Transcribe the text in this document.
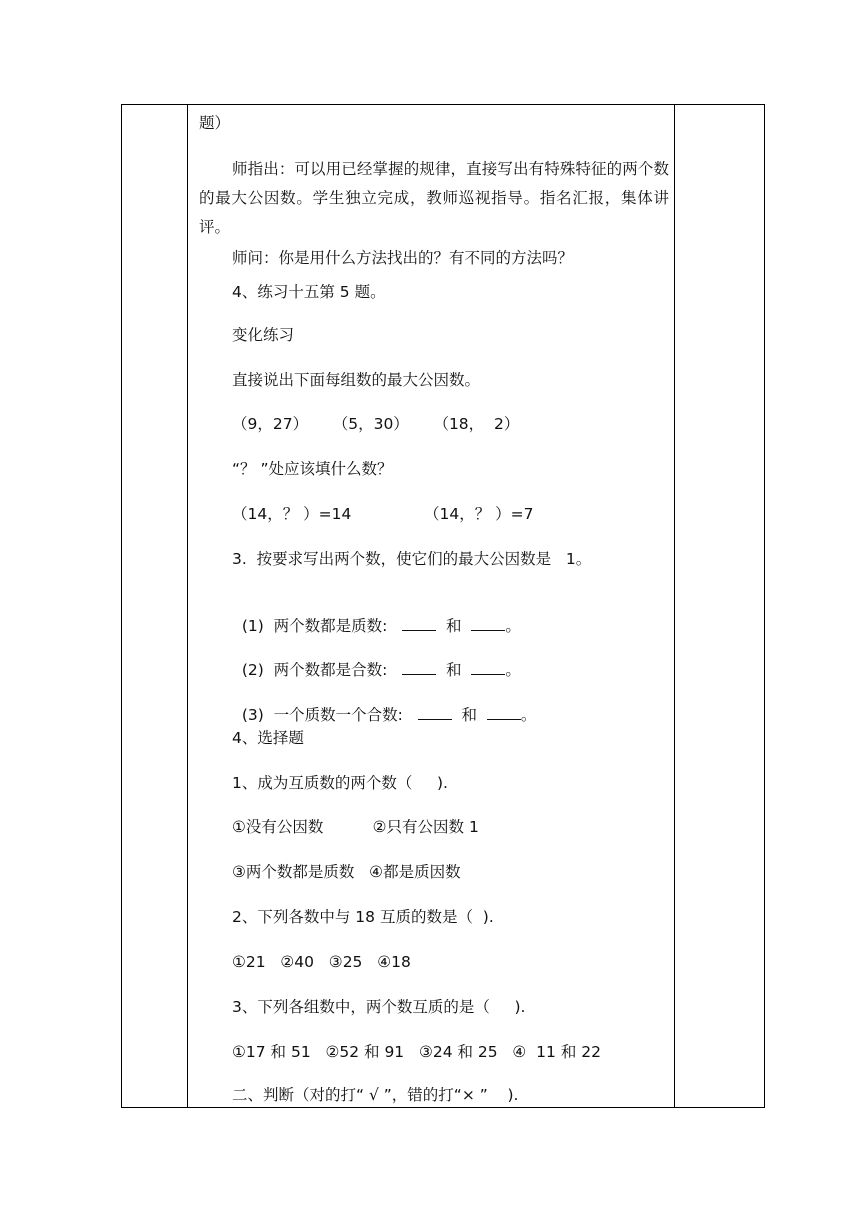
题）
师指出：可以用已经掌握的规律，直接写出有特殊特征的两个数的最大公因数。学生独立完成，教师巡视指导。指名汇报，集体讲评。
师问：你是用什么方法找出的？有不同的方法吗？
4、练习十五第 5 题。
变化练习
直接说出下面每组数的最大公因数。
（9，27）     （5，30）     （18，  2）
“？ ”处应该填什么数？
（14，？ ）=14	（14，？ ）=7
3.  按要求写出两个数，使它们的最大公因数是   1。

(1)  两个数都是质数:     和  。

(2)  两个数都是合数:     和  。

(3)  一个质数一个合数:     和  。

4、选择题
1、成为互质数的两个数（     ).
①没有公因数          ②只有公因数 1
③两个数都是质数   ④都是质因数
2、下列各数中与 18 互质的数是（  ).
①21   ②40   ③25   ④18
3、下列各组数中，两个数互质的是（     ).
①17 和 51   ②52 和 91   ③24 和 25   ④  11 和 22
二、判断（对的打“ √ ”，错的打“× ”    ).
